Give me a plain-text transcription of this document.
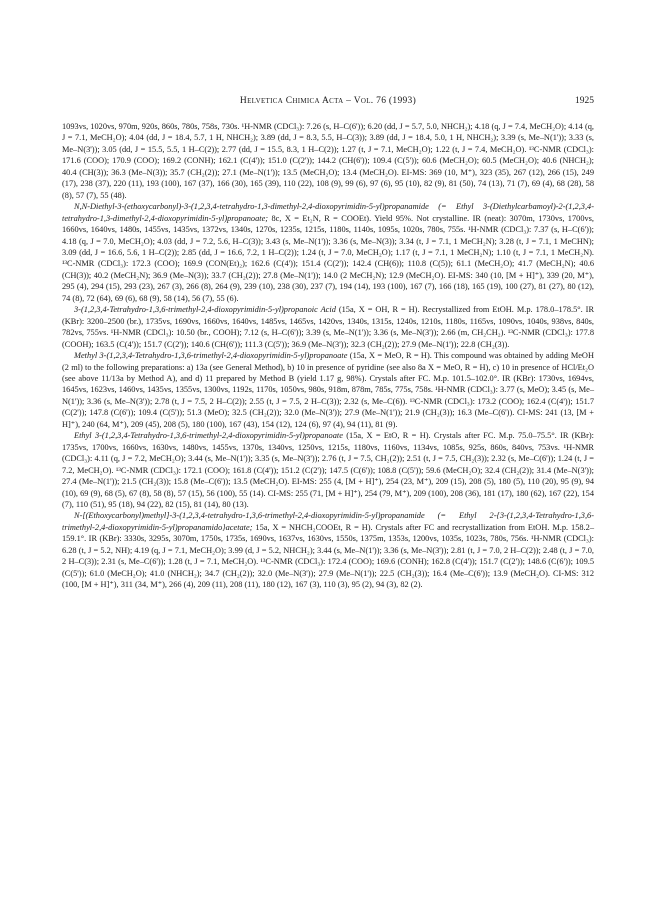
Helvetica Chimica Acta – Vol. 76 (1993)	1925

1093vs, 1020vs, 970m, 920s, 860s, 780s, 758s, 730s. ¹H-NMR (CDCl₃): 7.26 (s, H–C(6')); 6.20 (dd, J = 5.7, 5.0, NHCH₂); 4.18 (q, J = 7.4, MeCH₂O); 4.14 (q, J = 7.1, MeCH₂O); 4.04 (dd, J = 18.4, 5.7, 1 H, NHCH₂); 3.89 (dd, J = 8.3, 5.5, H–C(3)); 3.89 (dd, J = 18.4, 5.0, 1 H, NHCH₂); 3.39 (s, Me–N(1')); 3.33 (s, Me–N(3')); 3.05 (dd, J = 15.5, 5.5, 1 H–C(2)); 2.77 (dd, J = 15.5, 8.3, 1 H–C(2)); 1.27 (t, J = 7.1, MeCH₂O); 1.22 (t, J = 7.4, MeCH₂O). ¹³C-NMR (CDCl₃): 171.6 (COO); 170.9 (COO); 169.2 (CONH); 162.1 (C(4')); 151.0 (C(2')); 144.2 (CH(6')); 109.4 (C(5')); 60.6 (MeCH₂O); 60.5 (MeCH₂O); 40.6 (NHCH₂); 40.4 (CH(3)); 36.3 (Me–N(3)); 35.7 (CH₂(2)); 27.1 (Me–N(1')); 13.5 (MeCH₂O); 13.4 (MeCH₂O). EI-MS: 369 (10, M⁺), 323 (35), 267 (12), 266 (15), 249 (17), 238 (37), 220 (11), 193 (100), 167 (37), 166 (30), 165 (39), 110 (22), 108 (9), 99 (6), 97 (6), 95 (10), 82 (9), 81 (50), 74 (13), 71 (7), 69 (4), 68 (28), 58 (8), 57 (7), 55 (48).

N,N-Diethyl-3-(ethoxycarbonyl)-3-(1,2,3,4-tetrahydro-1,3-dimethyl-2,4-dioxopyrimidin-5-yl)propanamide (= Ethyl 3-(Diethylcarbamoyl)-2-(1,2,3,4-tetrahydro-1,3-dimethyl-2,4-dioxopyrimidin-5-yl)propanoate; 8c, X = Et₂N, R = COOEt). Yield 95%. Not crystalline. IR (neat): 3070m, 1730vs, 1700vs, 1660vs, 1640vs, 1480s, 1455vs, 1435vs, 1372vs, 1340s, 1270s, 1235s, 1215s, 1180s, 1140s, 1095s, 1020s, 780s, 755s. ¹H-NMR (CDCl₃): 7.37 (s, H–C(6')); 4.18 (q, J = 7.0, MeCH₂O); 4.03 (dd, J = 7.2, 5.6, H–C(3)); 3.43 (s, Me–N(1')); 3.36 (s, Me–N(3)); 3.34 (t, J = 7.1, 1 MeCH₂N); 3.28 (t, J = 7.1, 1 MeCHN); 3.09 (dd, J = 16.6, 5.6, 1 H–C(2)); 2.85 (dd, J = 16.6, 7.2, 1 H–C(2)); 1.24 (t, J = 7.0, MeCH₂O); 1.17 (t, J = 7.1, 1 MeCH₂N); 1.10 (t, J = 7.1, 1 MeCH₂N). ¹³C-NMR (CDCl₃): 172.3 (COO); 169.9 (CON(Et)₂); 162.6 (C(4')); 151.4 (C(2')); 142.4 (CH(6)); 110.8 (C(5)); 61.1 (MeCH₂O); 41.7 (MeCH₂N); 40.6 (CH(3)); 40.2 (MeCH₂N); 36.9 (Me–N(3)); 33.7 (CH₂(2)); 27.8 (Me–N(1')); 14.0 (2 MeCH₂N); 12.9 (MeCH₂O). EI-MS: 340 (10, [M + H]⁺), 339 (20, M⁺), 295 (4), 294 (15), 293 (23), 267 (3), 266 (8), 264 (9), 239 (10), 238 (30), 237 (7), 194 (14), 193 (100), 167 (7), 166 (18), 165 (19), 100 (27), 81 (27), 80 (12), 74 (8), 72 (64), 69 (6), 68 (9), 58 (14), 56 (7), 55 (6).

3-(1,2,3,4-Tetrahydro-1,3,6-trimethyl-2,4-dioxopyrimidin-5-yl)propanoic Acid (15a, X = OH, R = H). Recrystallized from EtOH. M.p. 178.0–178.5°. IR (KBr): 3200–2500 (br.), 1735vs, 1690vs, 1660vs, 1640vs, 1485vs, 1465vs, 1420vs, 1340s, 1315s, 1240s, 1210s, 1180s, 1165vs, 1090vs, 1040s, 938vs, 840s, 782vs, 755vs. ¹H-NMR (CDCl₃): 10.50 (br., COOH); 7.12 (s, H–C(6')); 3.39 (s, Me–N(1')); 3.36 (s, Me–N(3')); 2.66 (m, CH₂CH₂). ¹³C-NMR (CDCl₃): 177.8 (COOH); 163.5 (C(4')); 151.7 (C(2')); 140.6 (CH(6')); 111.3 (C(5')); 36.9 (Me–N(3')); 32.3 (CH₂(2)); 27.9 (Me–N(1')); 22.8 (CH₂(3)).

Methyl 3-(1,2,3,4-Tetrahydro-1,3,6-trimethyl-2,4-dioxopyrimidin-5-yl)propanoate (15a, X = MeO, R = H). This compound was obtained by adding MeOH (2 ml) to the following preparations: a) 13a (see General Method), b) 10 in presence of pyridine (see also 8a X = MeO, R = H), c) 10 in presence of HCl/Et₂O (see above 11/13a by Method A), and d) 11 prepared by Method B (yield 1.17 g, 98%). Crystals after FC. M.p. 101.5–102.0°. IR (KBr): 1730vs, 1694vs, 1645vs, 1623vs, 1460vs, 1435vs, 1355vs, 1300vs, 1192s, 1170s, 1050vs, 980s, 918m, 878m, 785s, 775s, 758s. ¹H-NMR (CDCl₃): 3.77 (s, MeO); 3.45 (s, Me–N(1')); 3.36 (s, Me–N(3')); 2.78 (t, J = 7.5, 2 H–C(2)); 2.55 (t, J = 7.5, 2 H–C(3)); 2.32 (s, Me–C(6)). ¹³C-NMR (CDCl₃): 173.2 (COO); 162.4 (C(4')); 151.7 (C(2')); 147.8 (C(6')); 109.4 (C(5')); 51.3 (MeO); 32.5 (CH₂(2)); 32.0 (Me–N(3')); 27.9 (Me–N(1')); 21.9 (CH₂(3)); 16.3 (Me–C(6')). CI-MS: 241 (13, [M + H]⁺), 240 (64, M⁺), 209 (45), 208 (5), 180 (100), 167 (43), 154 (12), 124 (6), 97 (4), 94 (11), 81 (9).

Ethyl 3-(1,2,3,4-Tetrahydro-1,3,6-trimethyl-2,4-dioxopyrimidin-5-yl)propanoate (15a, X = EtO, R = H). Crystals after FC. M.p. 75.0–75.5°. IR (KBr): 1735vs, 1700vs, 1660vs, 1630vs, 1480vs, 1455vs, 1370s, 1340vs, 1250vs, 1215s, 1180vs, 1160vs, 1134vs, 1085s, 925s, 860s, 840vs, 753vs. ¹H-NMR (CDCl₃): 4.11 (q, J = 7.2, MeCH₂O); 3.44 (s, Me–N(1')); 3.35 (s, Me–N(3')); 2.76 (t, J = 7.5, CH₂(2)); 2.51 (t, J = 7.5, CH₂(3)); 2.32 (s, Me–C(6')); 1.24 (t, J = 7.2, MeCH₂O). ¹³C-NMR (CDCl₃): 172.1 (COO); 161.8 (C(4')); 151.2 (C(2')); 147.5 (C(6')); 108.8 (C(5')); 59.6 (MeCH₂O); 32.4 (CH₂(2)); 31.4 (Me–N(3')); 27.4 (Me–N(1')); 21.5 (CH₂(3)); 15.8 (Me–C(6')); 13.5 (MeCH₂O). EI-MS: 255 (4, [M + H]⁺), 254 (23, M⁺), 209 (15), 208 (5), 180 (5), 110 (20), 95 (9), 94 (10), 69 (9), 68 (5), 67 (8), 58 (8), 57 (15), 56 (100), 55 (14). CI-MS: 255 (71, [M + H]⁺), 254 (79, M⁺), 209 (100), 208 (36), 181 (17), 180 (62), 167 (22), 154 (7), 110 (51), 95 (18), 94 (22), 82 (15), 81 (14), 80 (13).

N-[(Ethoxycarbonyl)methyl]-3-(1,2,3,4-tetrahydro-1,3,6-trimethyl-2,4-dioxopyrimidin-5-yl)propanamide (= Ethyl 2-{3-(1,2,3,4-Tetrahydro-1,3,6-trimethyl-2,4-dioxopyrimidin-5-yl)propanamido}acetate; 15a, X = NHCH₂COOEt, R = H). Crystals after FC and recrystallization from EtOH. M.p. 158.2–159.1°. IR (KBr): 3330s, 3295s, 3070m, 1750s, 1735s, 1690vs, 1637vs, 1630vs, 1550s, 1375m, 1353s, 1200vs, 1035s, 1023s, 780s, 756s. ¹H-NMR (CDCl₃): 6.28 (t, J = 5.2, NH); 4.19 (q, J = 7.1, MeCH₂O); 3.99 (d, J = 5.2, NHCH₂); 3.44 (s, Me–N(1')); 3.36 (s, Me–N(3')); 2.81 (t, J = 7.0, 2 H–C(2)); 2.48 (t, J = 7.0, 2 H–C(3)); 2.31 (s, Me–C(6')); 1.28 (t, J = 7.1, MeCH₂O). ¹³C-NMR (CDCl₃): 172.4 (COO); 169.6 (CONH); 162.8 (C(4')); 151.7 (C(2')); 148.6 (C(6')); 109.5 (C(5')); 61.0 (MeCH₂O); 41.0 (NHCH₂); 34.7 (CH₂(2)); 32.0 (Me–N(3')); 27.9 (Me–N(1')); 22.5 (CH₂(3)); 16.4 (Me–C(6')); 13.9 (MeCH₂O). CI-MS: 312 (100, [M + H]⁺), 311 (34, M⁺), 266 (4), 209 (11), 208 (11), 180 (12), 167 (3), 110 (3), 95 (2), 94 (3), 82 (2).
